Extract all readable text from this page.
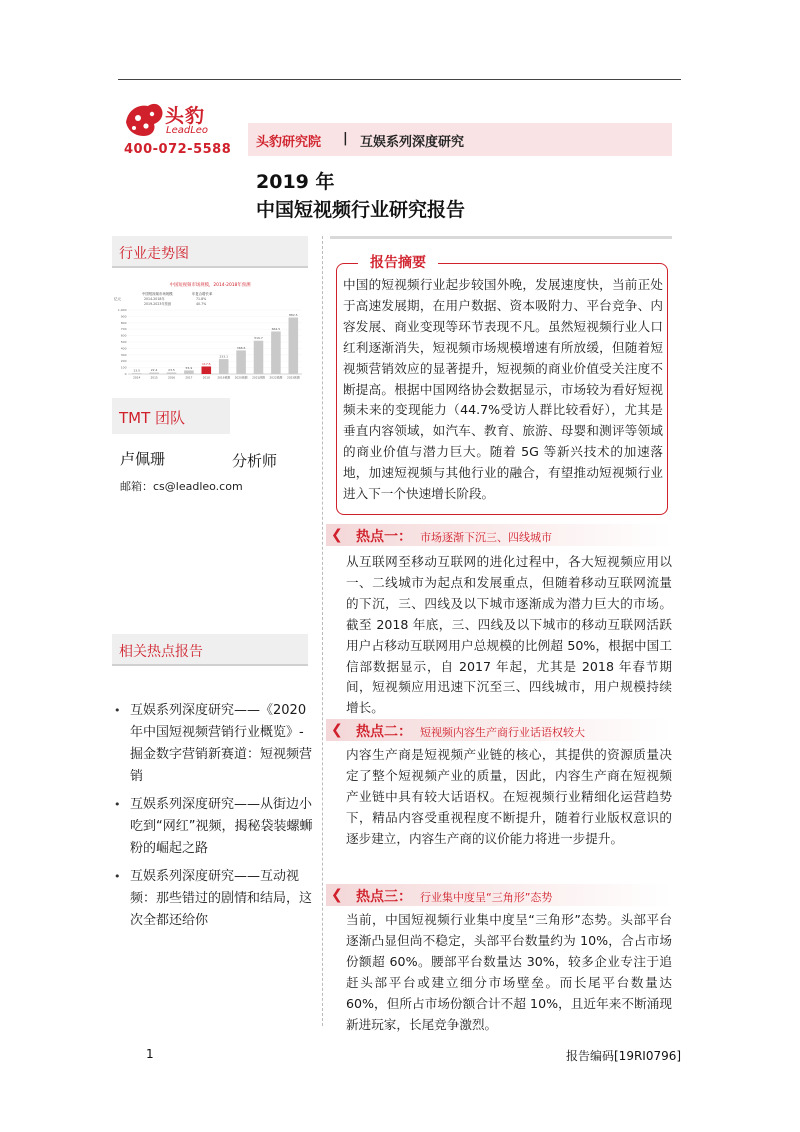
头豹
LeadLeo
400-072-5588 头豹研究院 | 互娱系列深度研究
2019 年
中国短视频行业研究报告
行业走势图
中国短视频市场规模，2014-2018年预测
亿元
中国短视频市场规模	年复合增长率
2014-2018年	71.8%
2019-2023年预测	40.7%
0
100
200
300
400
500
600
700
800
900
1,000
13.5
2014
22.4
2015
23.5
2016
55.9
2017
117.5
2018
233.1
2019预测
368.6
2020预测
519.7
2021预测
664.5
2022预测
882.5
2023预测
TMT 团队
卢佩珊	分析师
邮箱：cs@leadleo.com
相关热点报告
• 互娱系列深度研究——《2020年中国短视频营销行业概览》-掘金数字营销新赛道：短视频营销
• 互娱系列深度研究——从街边小吃到“网红”视频，揭秘袋装螺蛳粉的崛起之路
• 互娱系列深度研究——互动视频：那些错过的剧情和结局，这次全都还给你
报告摘要
中国的短视频行业起步较国外晚，发展速度快，当前正处于高速发展期，在用户数据、资本吸附力、平台竞争、内容发展、商业变现等环节表现不凡。虽然短视频行业人口红利逐渐消失，短视频市场规模增速有所放缓，但随着短视频营销效应的显著提升，短视频的商业价值受关注度不断提高。根据中国网络协会数据显示，市场较为看好短视频未来的变现能力（44.7%受访人群比较看好），尤其是垂直内容领域，如汽车、教育、旅游、母婴和测评等领域的商业价值与潜力巨大。随着 5G 等新兴技术的加速落地，加速短视频与其他行业的融合，有望推动短视频行业进入下一个快速增长阶段。
❮ 热点一： 市场逐渐下沉三、四线城市
从互联网至移动互联网的进化过程中，各大短视频应用以一、二线城市为起点和发展重点，但随着移动互联网流量的下沉，三、四线及以下城市逐渐成为潜力巨大的市场。截至 2018 年底，三、四线及以下城市的移动互联网活跃用户占移动互联网用户总规模的比例超 50%，根据中国工信部数据显示，自 2017 年起，尤其是 2018 年春节期间，短视频应用迅速下沉至三、四线城市，用户规模持续增长。
❮ 热点二： 短视频内容生产商行业话语权较大
内容生产商是短视频产业链的核心，其提供的资源质量决定了整个短视频产业的质量，因此，内容生产商在短视频产业链中具有较大话语权。在短视频行业精细化运营趋势下，精品内容受重视程度不断提升，随着行业版权意识的逐步建立，内容生产商的议价能力将进一步提升。
❮ 热点三： 行业集中度呈“三角形”态势
当前，中国短视频行业集中度呈“三角形”态势。头部平台逐渐凸显但尚不稳定，头部平台数量约为 10%，合占市场份额超 60%。腰部平台数量达 30%，较多企业专注于追赶头部平台或建立细分市场壁垒。而长尾平台数量达60%，但所占市场份额合计不超 10%，且近年来不断涌现新进玩家，长尾竞争激烈。
1	报告编码[19RI0796]
